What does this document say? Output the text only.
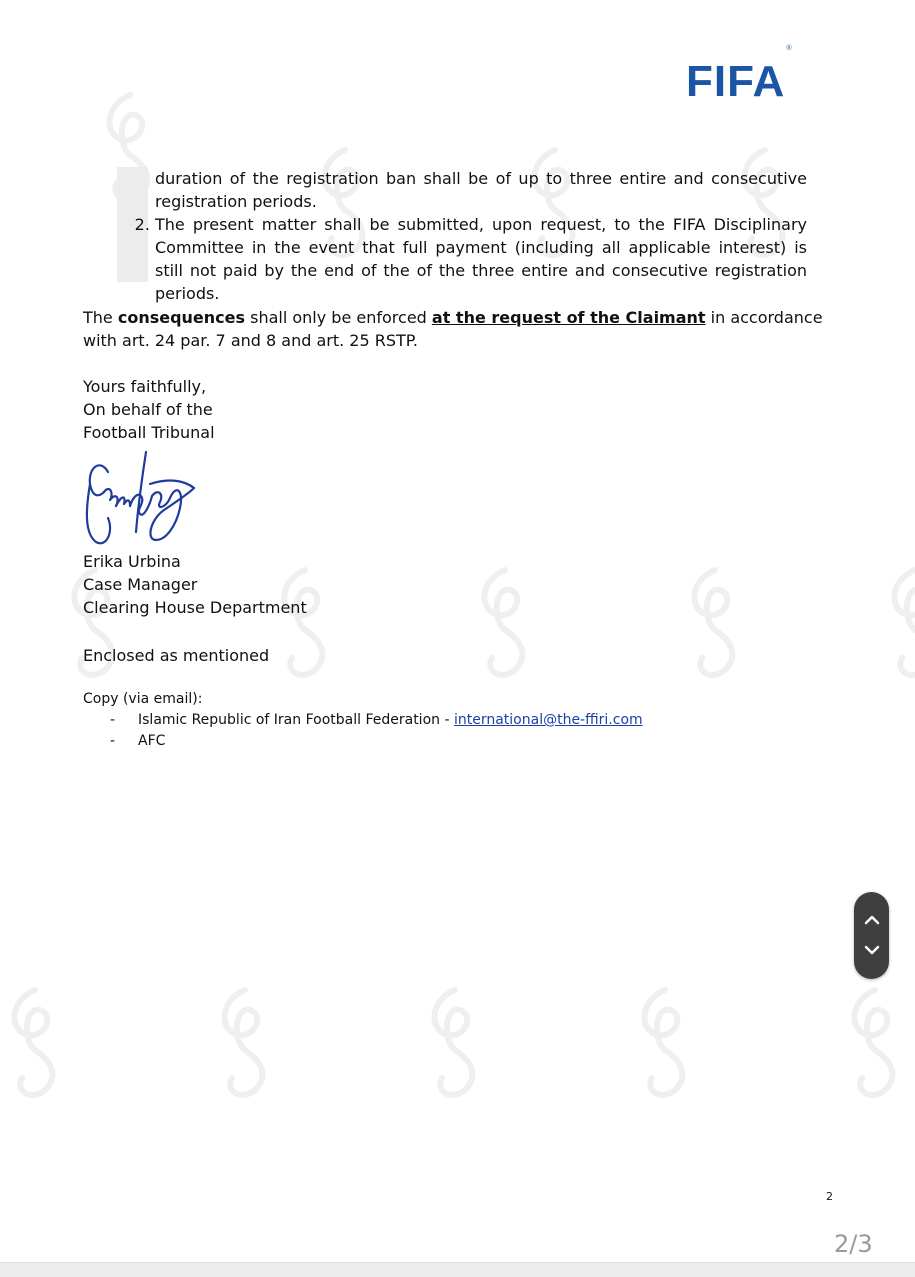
FIFA®
duration of the registration ban shall be of up to three entire and consecutive registration periods.
2. The present matter shall be submitted, upon request, to the FIFA Disciplinary Committee in the event that full payment (including all applicable interest) is still not paid by the end of the of the three entire and consecutive registration periods.
The consequences shall only be enforced at the request of the Claimant in accordance with art. 24 par. 7 and 8 and art. 25 RSTP.
Yours faithfully,
On behalf of the
Football Tribunal
Erika Urbina
Case Manager
Clearing House Department
Enclosed as mentioned
Copy (via email):
-	Islamic Republic of Iran Football Federation - international@the-ffiri.com
-	AFC
2
2/3
